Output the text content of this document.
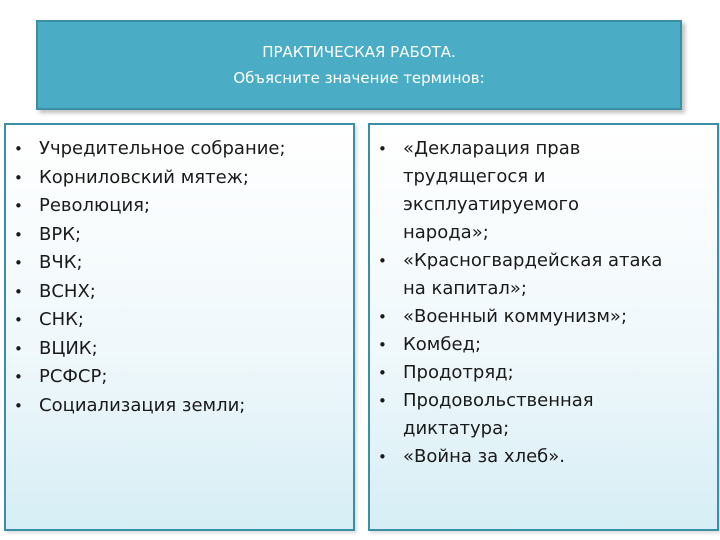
ПРАКТИЧЕСКАЯ РАБОТА.
Объясните значение терминов:
• Учредительное собрание;
• Корниловский мятеж;
• Революция;
• ВРК;
• ВЧК;
• ВСНХ;
• СНК;
• ВЦИК;
• РСФСР;
• Социализация земли;
• «Декларация прав
трудящегося и
эксплуатируемого
народа»;
• «Красногвардейская атака
на капитал»;
• «Военный коммунизм»;
• Комбед;
• Продотряд;
• Продовольственная
диктатура;
• «Война за хлеб».
